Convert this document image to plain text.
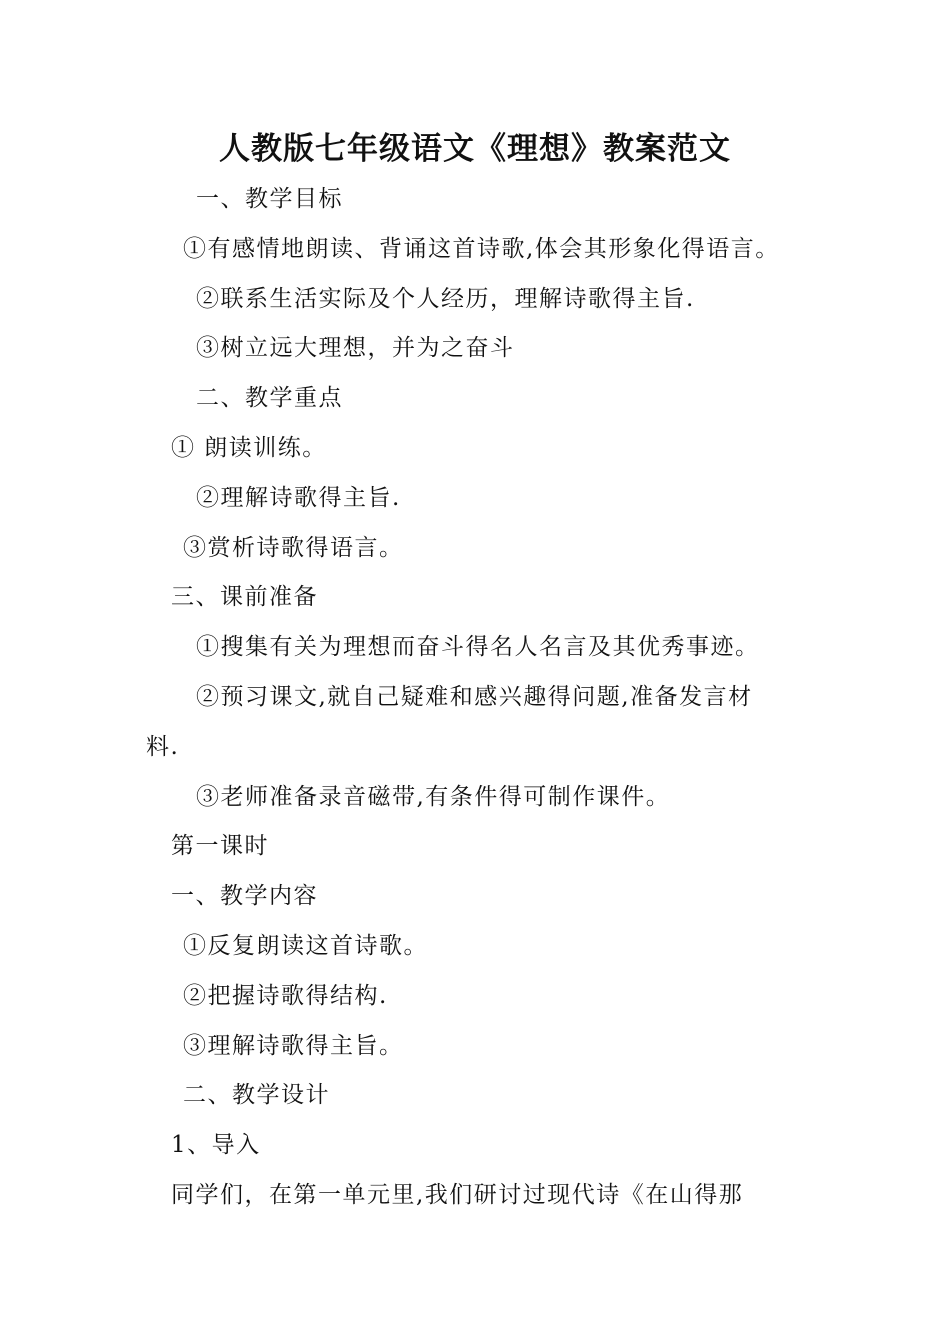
人教版七年级语文《理想》教案范文
一、教学目标
①有感情地朗读、背诵这首诗歌,体会其形象化得语言。
②联系生活实际及个人经历，理解诗歌得主旨.
③树立远大理想，并为之奋斗
二、教学重点
① 朗读训练。
②理解诗歌得主旨.
③赏析诗歌得语言。
三、课前准备
①搜集有关为理想而奋斗得名人名言及其优秀事迹。
②预习课文,就自己疑难和感兴趣得问题,准备发言材
料.
③老师准备录音磁带,有条件得可制作课件。
第一课时
一、教学内容
①反复朗读这首诗歌。
②把握诗歌得结构.
③理解诗歌得主旨。
二、教学设计
1、导入
同学们，在第一单元里,我们研讨过现代诗《在山得那
